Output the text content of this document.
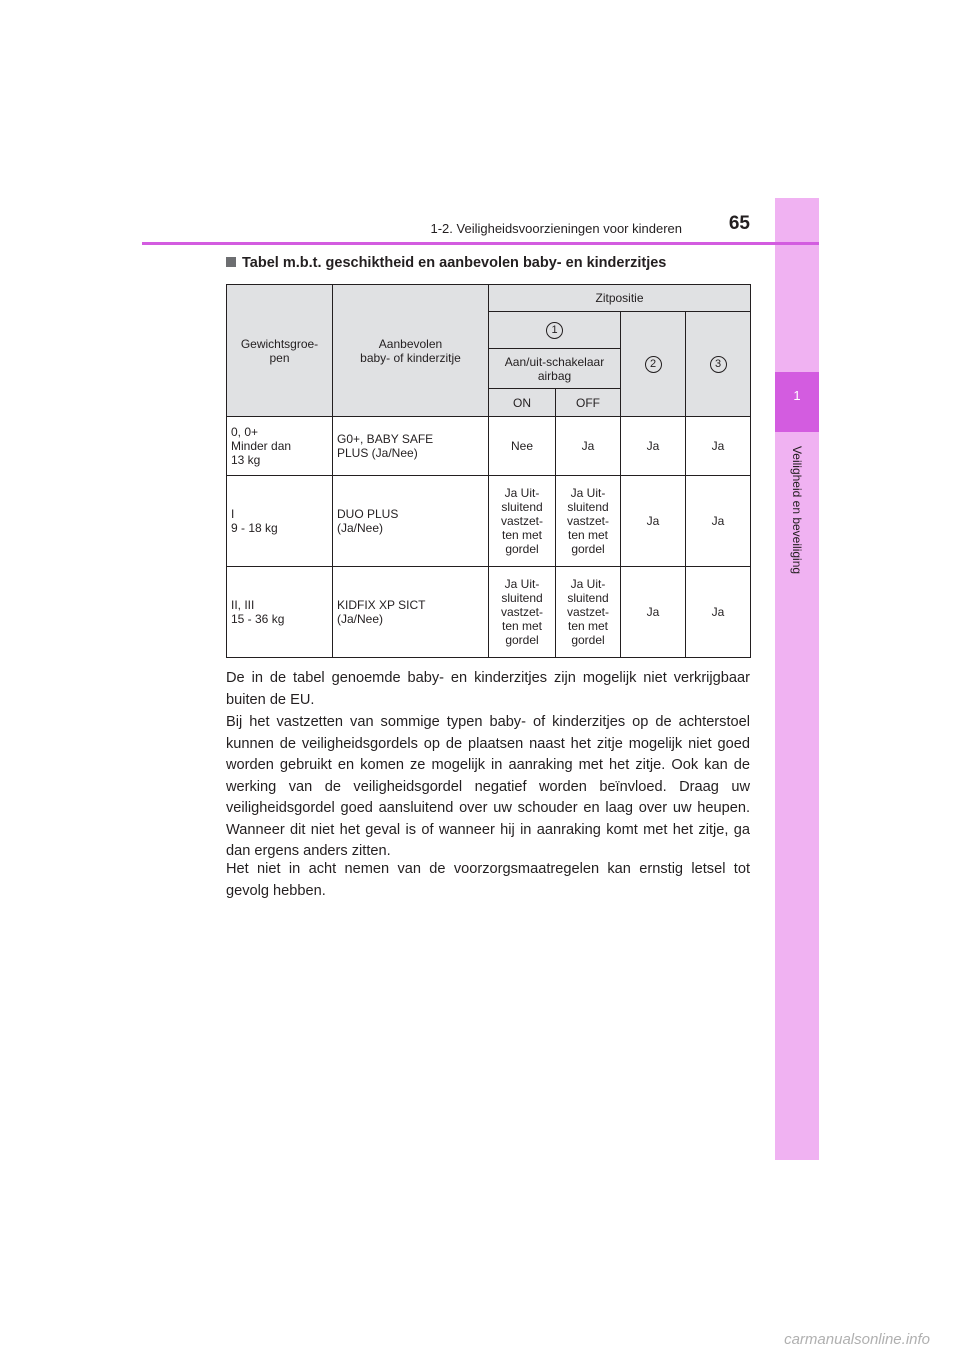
1
Veiligheid en beveiliging
1-2. Veiligheidsvoorzieningen voor kinderen	65
Tabel m.b.t. geschiktheid en aanbevolen baby- en kinderzitjes
Gewichtsgroe-
pen	Aanbevolen
baby- of kinderzitje	Zitpositie			
		1		2	3
		Aan/uit-schakelaar
airbag			
		ON	OFF		
0, 0+
Minder dan
13 kg	G0+, BABY SAFE
PLUS (Ja/Nee)	Nee	Ja	Ja	Ja
I
9 - 18 kg	DUO PLUS
(Ja/Nee)	Ja Uit-
sluitend
vastzet-
ten met
gordel	Ja Uit-
sluitend
vastzet-
ten met
gordel	Ja	Ja
II, III
15 - 36 kg	KIDFIX XP SICT
(Ja/Nee)	Ja Uit-
sluitend
vastzet-
ten met
gordel	Ja Uit-
sluitend
vastzet-
ten met
gordel	Ja	Ja

De in de tabel genoemde baby- en kinderzitjes zijn mogelijk niet verkrijgbaar buiten de EU.

Bij het vastzetten van sommige typen baby- of kinderzitjes op de achterstoel kunnen de veiligheidsgordels op de plaatsen naast het zitje mogelijk niet goed worden gebruikt en komen ze mogelijk in aanraking met het zitje. Ook kan de werking van de veiligheidsgordel negatief worden beïnvloed. Draag uw veiligheidsgordel goed aansluitend over uw schouder en laag over uw heupen. Wanneer dit niet het geval is of wanneer hij in aanraking komt met het zitje, ga dan ergens anders zitten.

Het niet in acht nemen van de voorzorgsmaatregelen kan ernstig letsel tot gevolg hebben.

carmanualsonline.info
